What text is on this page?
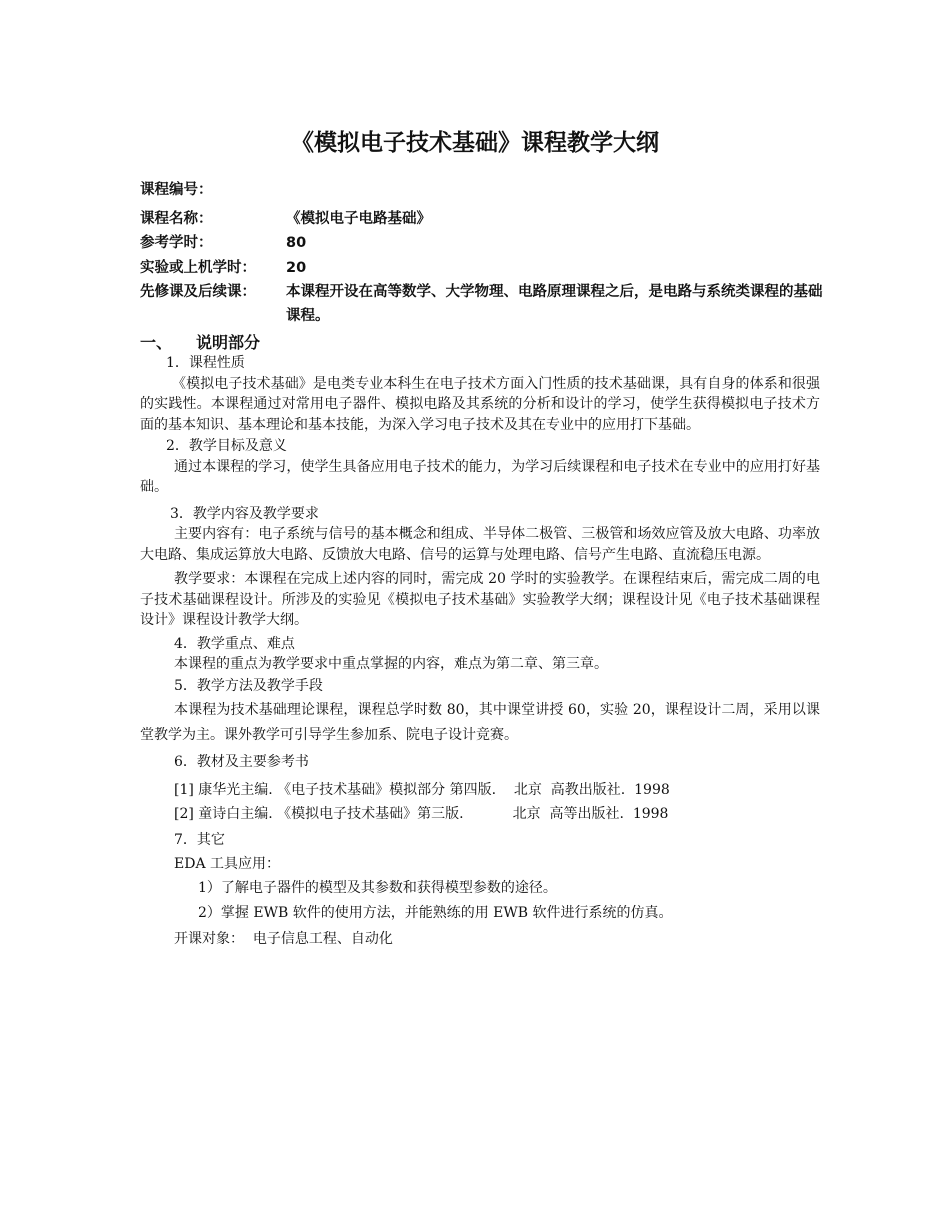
《模拟电子技术基础》课程教学大纲
课程编号：
课程名称：	《模拟电子电路基础》
参考学时：	80
实验或上机学时：	20
先修课及后续课：	本课程开设在高等数学、大学物理、电路原理课程之后，是电路与系统类课程的基础课程。
一、 说明部分

1．课程性质

《模拟电子技术基础》是电类专业本科生在电子技术方面入门性质的技术基础课，具有自身的体系和很强的实践性。本课程通过对常用电子器件、模拟电路及其系统的分析和设计的学习，使学生获得模拟电子技术方面的基本知识、基本理论和基本技能，为深入学习电子技术及其在专业中的应用打下基础。

2．教学目标及意义

通过本课程的学习，使学生具备应用电子技术的能力，为学习后续课程和电子技术在专业中的应用打好基础。

3．教学内容及教学要求

主要内容有：电子系统与信号的基本概念和组成、半导体二极管、三极管和场效应管及放大电路、功率放大电路、集成运算放大电路、反馈放大电路、信号的运算与处理电路、信号产生电路、直流稳压电源。

教学要求：本课程在完成上述内容的同时，需完成 20 学时的实验教学。在课程结束后，需完成二周的电子技术基础课程设计。所涉及的实验见《模拟电子技术基础》实验教学大纲；课程设计见《电子技术基础课程设计》课程设计教学大纲。

4．教学重点、难点

本课程的重点为教学要求中重点掌握的内容，难点为第二章、第三章。

5．教学方法及教学手段

本课程为技术基础理论课程，课程总学时数 80，其中课堂讲授 60，实验 20，课程设计二周，采用以课堂教学为主。课外教学可引导学生参加系、院电子设计竞赛。

6．教材及主要参考书

[1] 康华光主编. 《电子技术基础》模拟部分 第四版.    北京  高教出版社.  1998

[2] 童诗白主编. 《模拟电子技术基础》第三版.           北京  高等出版社.  1998

7．其它

EDA 工具应用：

1）了解电子器件的模型及其参数和获得模型参数的途径。

2）掌握 EWB 软件的使用方法，并能熟练的用 EWB 软件进行系统的仿真。

开课对象： 电子信息工程、自动化
